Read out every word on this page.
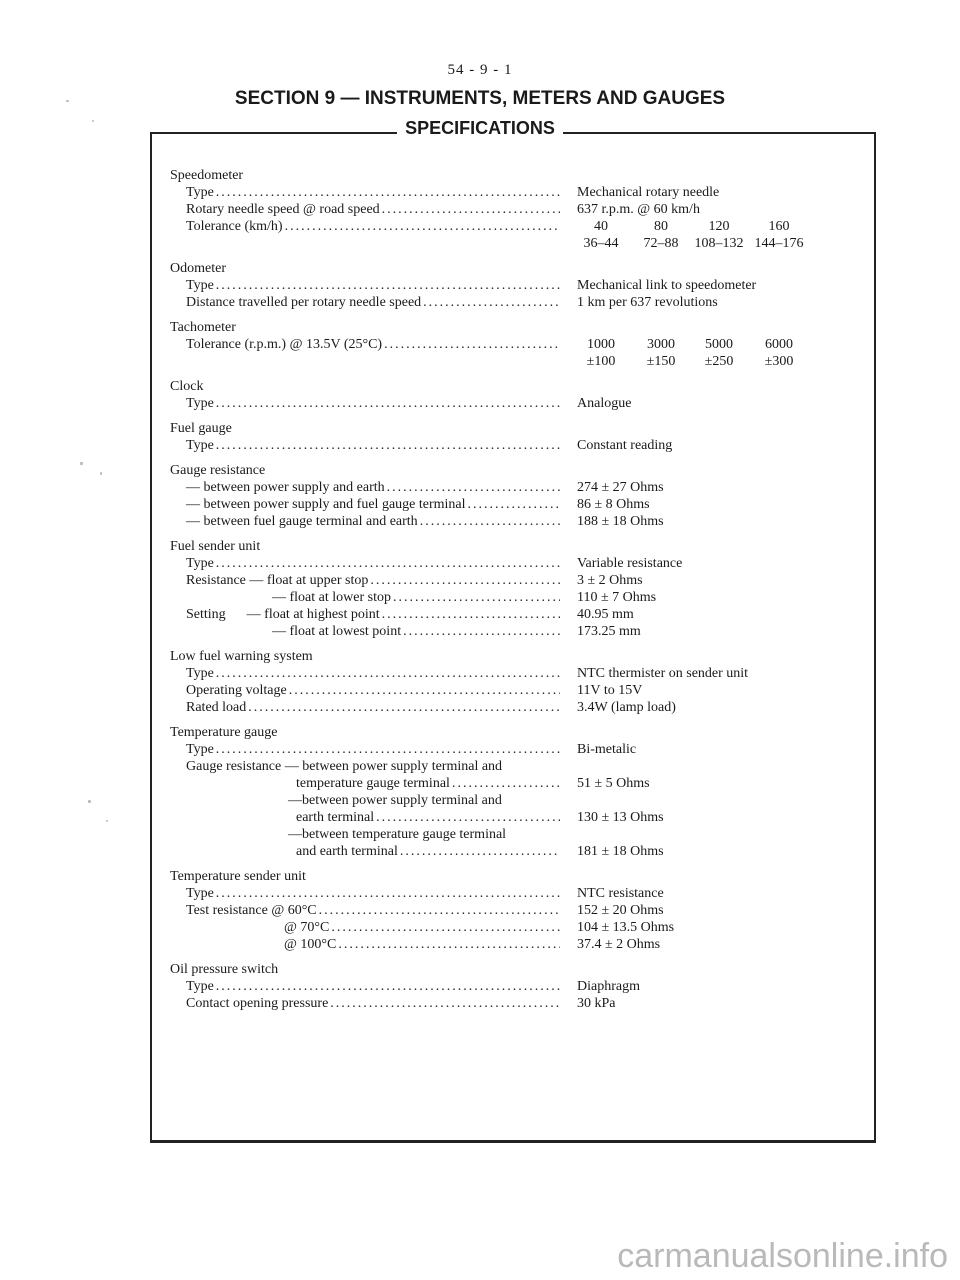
54 - 9 - 1
SECTION 9 — INSTRUMENTS, METERS AND GAUGES
SPECIFICATIONS
Speedometer
Type .....	Mechanical rotary needle
Rotary needle speed @ road speed .....	637 r.p.m. @ 60 km/h
Tolerance (km/h) .....	40	80	120	160
36–44	72–88	108–132 144–176
Odometer
Type .....	Mechanical link to speedometer
Distance travelled per rotary needle speed .....	1 km per 637 revolutions
Tachometer
Tolerance (r.p.m.) @ 13.5V (25°C) .....	1000	3000	5000	6000
±100	±150	±250	±300
Clock
Type .....	Analogue
Fuel gauge
Type .....	Constant reading
Gauge resistance
— between power supply and earth .....	274 ± 27 Ohms
— between power supply and fuel gauge terminal .....	86 ± 8 Ohms
— between fuel gauge terminal and earth .....	188 ± 18 Ohms
Fuel sender unit
Type .....	Variable resistance
Resistance — float at upper stop .....	3 ± 2 Ohms
— float at lower stop .....	110 ± 7 Ohms
Setting      — float at highest point .....	40.95 mm
— float at lowest point .....	173.25 mm
Low fuel warning system
Type .....	NTC thermister on sender unit
Operating voltage .....	11V to 15V
Rated load .....	3.4W (lamp load)
Temperature gauge
Type .....	Bi-metalic
Gauge resistance — between power supply terminal and
temperature gauge terminal .....	51 ± 5 Ohms
—between power supply terminal and
earth terminal .....	130 ± 13 Ohms
—between temperature gauge terminal
and earth terminal .....	181 ± 18 Ohms
Temperature sender unit
Type .....	NTC resistance
Test resistance @ 60°C .....	152 ± 20 Ohms
@ 70°C .....	104 ± 13.5 Ohms
@ 100°C .....	37.4 ± 2 Ohms
Oil pressure switch
Type .....	Diaphragm
Contact opening pressure .....	30 kPa
carmanualsonline.info
